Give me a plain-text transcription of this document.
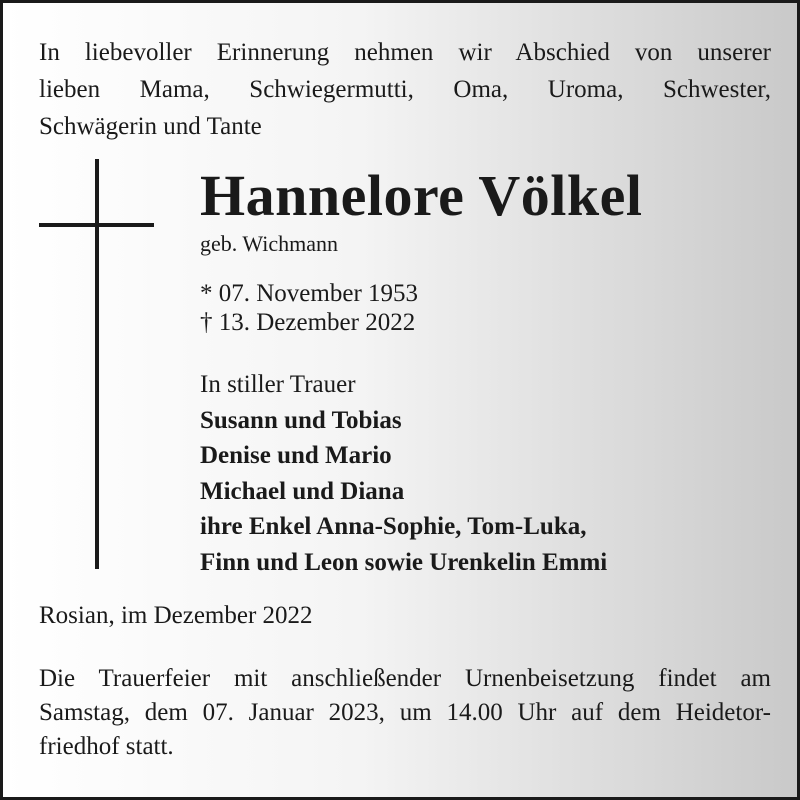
In liebevoller Erinnerung nehmen wir Abschied von unserer
lieben Mama, Schwiegermutti, Oma, Uroma, Schwester,
Schwägerin und Tante
Hannelore Völkel
geb. Wichmann
* 07. November 1953
† 13. Dezember 2022
In stiller Trauer
Susann und Tobias
Denise und Mario
Michael und Diana
ihre Enkel Anna-Sophie, Tom-Luka,
Finn und Leon sowie Urenkelin Emmi
Rosian, im Dezember 2022
Die Trauerfeier mit anschließender Urnenbeisetzung findet am
Samstag, dem 07. Januar 2023, um 14.00 Uhr auf dem Heidetor-
friedhof statt.
